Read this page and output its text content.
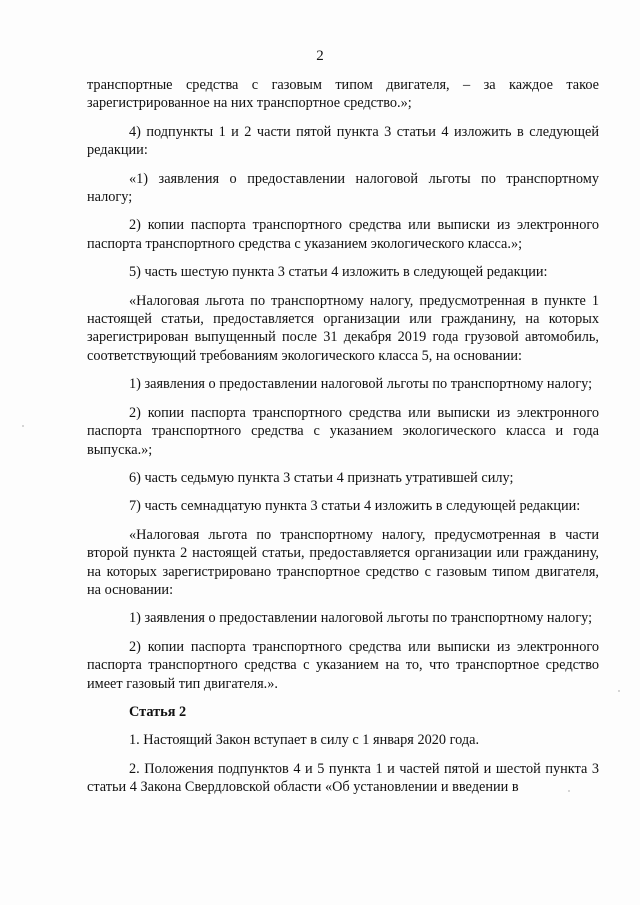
2

транспортные средства с газовым типом двигателя, – за каждое такое зарегистрированное на них транспортное средство.»;

4) подпункты 1 и 2 части пятой пункта 3 статьи 4 изложить в следующей редакции:

«1) заявления о предоставлении налоговой льготы по транспортному налогу;

2) копии паспорта транспортного средства или выписки из электронного паспорта транспортного средства с указанием экологического класса.»;

5) часть шестую пункта 3 статьи 4 изложить в следующей редакции:

«Налоговая льгота по транспортному налогу, предусмотренная в пункте 1 настоящей статьи, предоставляется организации или гражданину, на которых зарегистрирован выпущенный после 31 декабря 2019 года грузовой автомобиль, соответствующий требованиям экологического класса 5, на основании:

1) заявления о предоставлении налоговой льготы по транспортному налогу;

2) копии паспорта транспортного средства или выписки из электронного паспорта транспортного средства с указанием экологического класса и года выпуска.»;

6) часть седьмую пункта 3 статьи 4 признать утратившей силу;

7) часть семнадцатую пункта 3 статьи 4 изложить в следующей редакции:

«Налоговая льгота по транспортному налогу, предусмотренная в части второй пункта 2 настоящей статьи, предоставляется организации или гражданину, на которых зарегистрировано транспортное средство с газовым типом двигателя, на основании:

1) заявления о предоставлении налоговой льготы по транспортному налогу;

2) копии паспорта транспортного средства или выписки из электронного паспорта транспортного средства с указанием на то, что транспортное средство имеет газовый тип двигателя.».

Статья 2

1. Настоящий Закон вступает в силу с 1 января 2020 года.

2. Положения подпунктов 4 и 5 пункта 1 и частей пятой и шестой пункта 3 статьи 4 Закона Свердловской области «Об установлении и введении в
